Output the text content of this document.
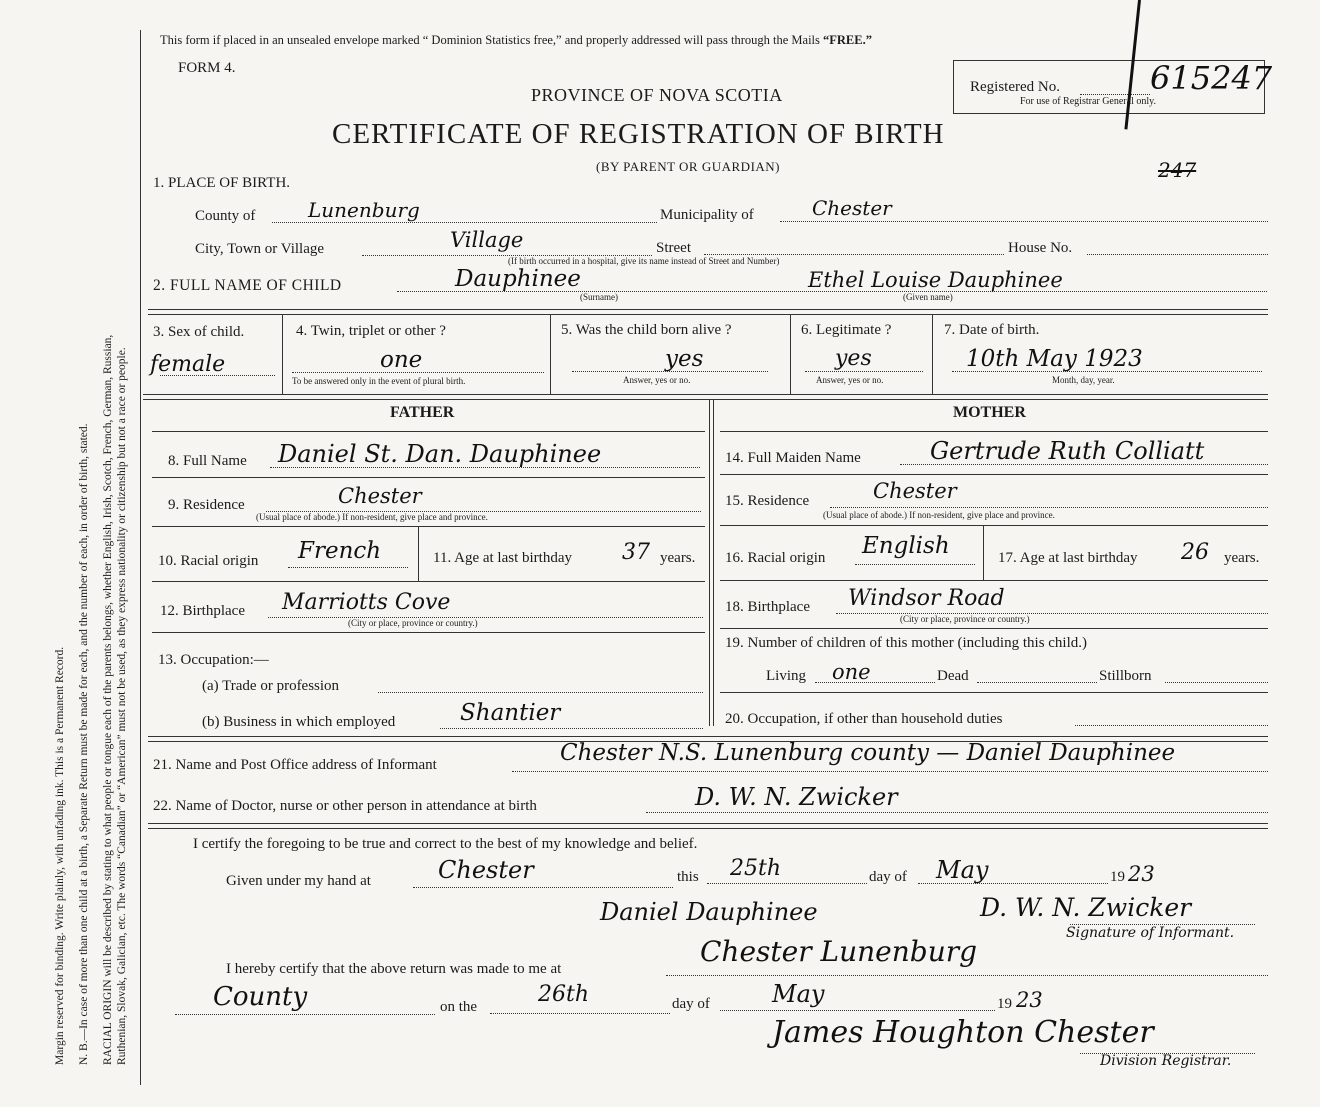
Margin reserved for binding. Write plainly, with unfading ink. This is a Permanent Record. N. B.—In case of more than one child at a birth, a Separate Return must be made for each, and the number of each, in order of birth, stated. RACIAL ORIGIN will be described by stating to what people or tongue each of the parents belongs, whether English, Irish, Scotch, French, German, Russian, Ruthenian, Slovak, Galician, etc. The words “Canadian” or “American” must not be used, as they express nationality or citizenship but not a race or people.
This form if placed in an unsealed envelope marked “ Dominion Statistics free,” and properly addressed will pass through the Mails “FREE.”
FORM 4.
PROVINCE OF NOVA SCOTIA
CERTIFICATE OF REGISTRATION OF BIRTH
(BY PARENT OR GUARDIAN)
Registered No.
For use of Registrar General only.
615247
247
1. PLACE OF BIRTH.
County of	Lunenburg	Municipality of	Chester
City, Town or Village	Village	Street	House No.
(If birth occurred in a hospital, give its name instead of Street and Number)
2. FULL NAME OF CHILD	Dauphinee
(Surname)
Ethel Louise Dauphinee
(Given name)
3. Sex of child.
female
4. Twin, triplet or other ?
one
To be answered only in the event of plural birth.
5. Was the child born alive ?
yes
Answer, yes or no.
6. Legitimate ?
yes
Answer, yes or no.
7. Date of birth.
10th May 1923
Month, day, year.
FATHER	MOTHER
8. Full Name Daniel St. Dan. Dauphinee
9. Residence	Chester
(Usual place of abode.) If non-resident, give place and province.
10. Racial origin French	11. Age at last birthday 37 years.
12. Birthplace Marriotts Cove
(City or place, province or country.)
13. Occupation:—
(a) Trade or profession
(b) Business in which employed	Shantier
14. Full Maiden Name	Gertrude Ruth Colliatt
15. Residence	Chester
(Usual place of abode.) If non-resident, give place and province.
16. Racial origin English	17. Age at last birthday 26 years.
18. Birthplace Windsor Road
(City or place, province or country.)
19. Number of children of this mother (including this child.)
Living one	Dead	Stillborn
20. Occupation, if other than household duties
21. Name and Post Office address of Informant	Chester N.S. Lunenburg county — Daniel Dauphinee
22. Name of Doctor, nurse or other person in attendance at birth	D. W. N. Zwicker
I certify the foregoing to be true and correct to the best of my knowledge and belief.
Given under my hand at	Chester	this 25th	day of May	19 23
Daniel Dauphinee	D. W. N. Zwicker
Signature of Informant.
I hereby certify that the above return was made to me at
Chester Lunenburg
County	on the	26th	day of	May	19 23
James Houghton Chester
Division Registrar.
